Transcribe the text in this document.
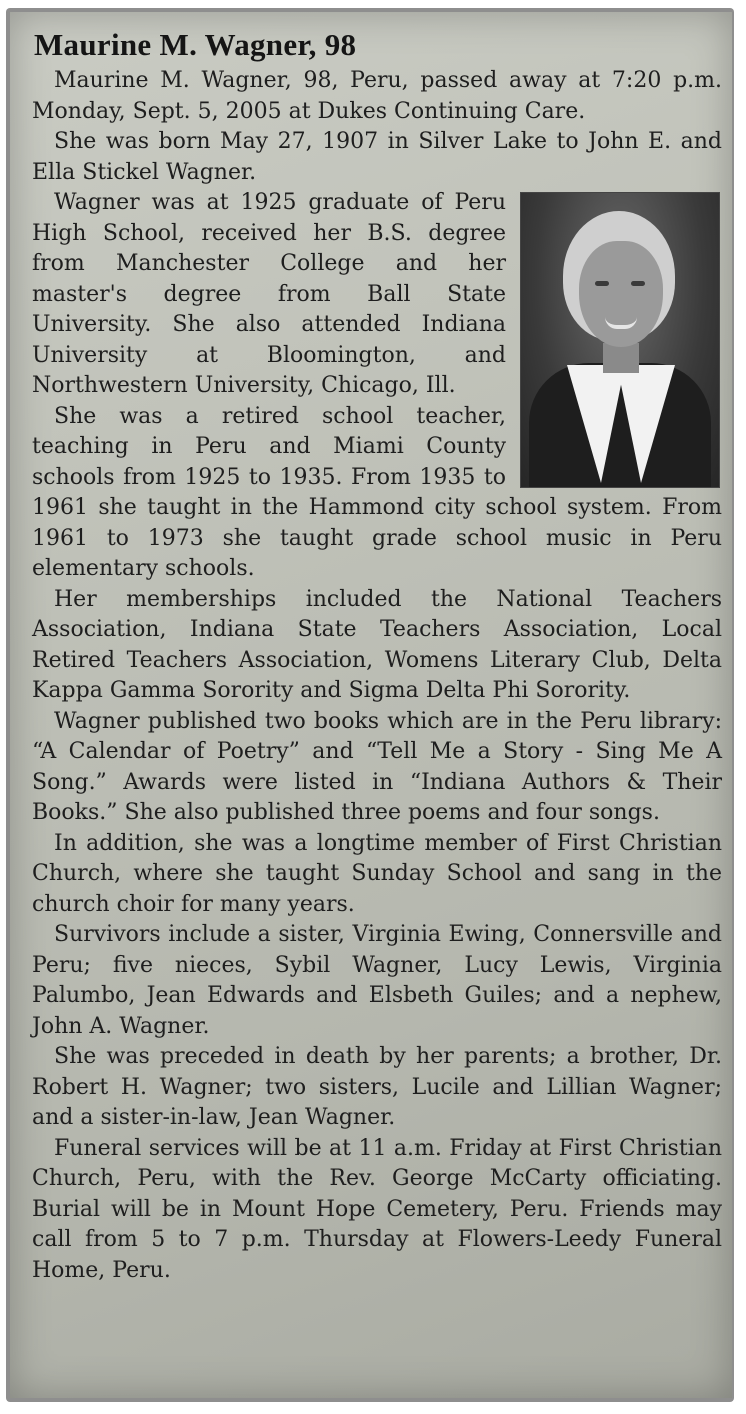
Maurine M. Wagner, 98

Maurine M. Wagner, 98, Peru, passed away at 7:20 p.m. Monday, Sept. 5, 2005 at Dukes Continuing Care.

She was born May 27, 1907 in Silver Lake to John E. and Ella Stickel Wagner.

Wagner was at 1925 graduate of Peru High School, received her B.S. degree from Manchester College and her master's degree from Ball State University. She also attended Indiana University at Bloomington, and Northwestern University, Chicago, Ill.

She was a retired school teacher, teaching in Peru and Miami County schools from 1925 to 1935. From 1935 to 1961 she taught in the Hammond city school system. From 1961 to 1973 she taught grade school music in Peru elementary schools.

Her memberships included the National Teachers Association, Indiana State Teachers Association, Local Retired Teachers Association, Womens Literary Club, Delta Kappa Gamma Sorority and Sigma Delta Phi Sorority.

Wagner published two books which are in the Peru library: “A Calendar of Poetry” and “Tell Me a Story - Sing Me A Song.” Awards were listed in “Indiana Authors & Their Books.” She also published three poems and four songs.

In addition, she was a longtime member of First Christian Church, where she taught Sunday School and sang in the church choir for many years.

Survivors include a sister, Virginia Ewing, Connersville and Peru; five nieces, Sybil Wagner, Lucy Lewis, Virginia Palumbo, Jean Edwards and Elsbeth Guiles; and a nephew, John A. Wagner.

She was preceded in death by her parents; a brother, Dr. Robert H. Wagner; two sisters, Lucile and Lillian Wagner; and a sister-in-law, Jean Wagner.

Funeral services will be at 11 a.m. Friday at First Christian Church, Peru, with the Rev. George McCarty officiating. Burial will be in Mount Hope Cemetery, Peru. Friends may call from 5 to 7 p.m. Thursday at Flowers-Leedy Funeral Home, Peru.
